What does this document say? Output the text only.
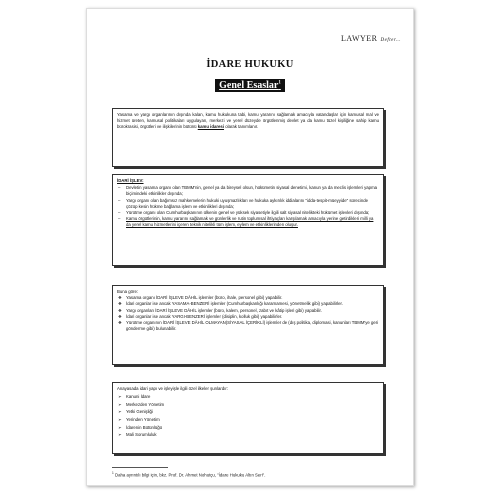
LAWYER Defter...
İDARE HUKUKU
Genel Esaslar$^1$

Yasama ve yargı organlarının dışında kalan, kamu hukukuna tabi, kamu yararını sağlamak amacıyla vatandaşlar için kamusal mal ve hizmet üreten, kamusal politikaları uygulayan, merkezi ve yerel düzeyde örgütlenmiş devlet ya da kamu tüzel kişiliğine sahip kamu bürokrasisi, örgütleri ve ilişkilerinin bütünü kamu idaresi olarak tanımlanır.

İDARİ İŞLEV:
– Devletin yasama organı olan TBMM'nin, genel ya da bireysel olsun, hükümetin siyasal denetimi, kanun ya da meclis işlemleri yapma biçimindeki etkinlikler dışında;
– Yargı organı olan bağımsız mahkemelerin hukuki uyuşmazlıkları ve hukuka aykırılık iddialarını "idda-tespit-müeyyide" sürecinde çözüp kesin hükme bağlama işlem ve etkinlikleri dışında;
– Yürütme organı olan Cumhurbaşkanının ülkenin genel ve yüksek siyasetiyle ilgili salt siyasal nitelikteki hükümet işlevleri dışında;
– Kamu örgütlerinin, kamu yararını sağlamak ve günlerlik ve rutin toplumsal ihtiyaçları karşılamak amacıyla yerine getirdikleri milli ya da yerel kamu hizmetlerini içeren teknik nitelikli tüm işlem, eylem ve etkinliklerinden oluşur.
Buna göre:
❖ Yasama organı İDARİ İŞLEVE DÂHİL işlemler (büro, ihale, personel gibi) yapabilir.
❖ İdari organlar ise ancak YASAMA-BENZERİ işlemler (Cumhurbaşkanlığı kararnamesi, yönetmelik gibi) yapabilirler.
❖ Yargı organları İDARİ İŞLEVE DÂHİL işlemler (büro, kalem, personel, zabıt ve kâtip işleri gibi) yapabilir.
❖ İdari organlar ise ancak YARGI-BENZERİ işlemler (disiplin, kolluk gibi) yapabilirler.
❖ Yürütme organının İDARİ İŞLEVE DÂHİL OLMAYAN(SİYASAL İÇERİKLİ) işlemler de (dış politika, diplomasi, kanunları TBMM'ye geri gönderme gibi) bulunabilir.
Anayasada idari yapı ve işleyişle ilgili özel ilkeler şunlardır:
➢ Kanuni İdare
➢ Merkezden Yönetim
➢ Yetki Genişliği
➢ Yerinden Yönetim
➢ İdarenin Bütünlüğü
➢ Mali Sorumluluk
$^1$ Daha ayrıntılı bilgi için, bkz. Prof. Dr. Ahmet Nohutçu, "İdare Hukuku Altın Seri".
